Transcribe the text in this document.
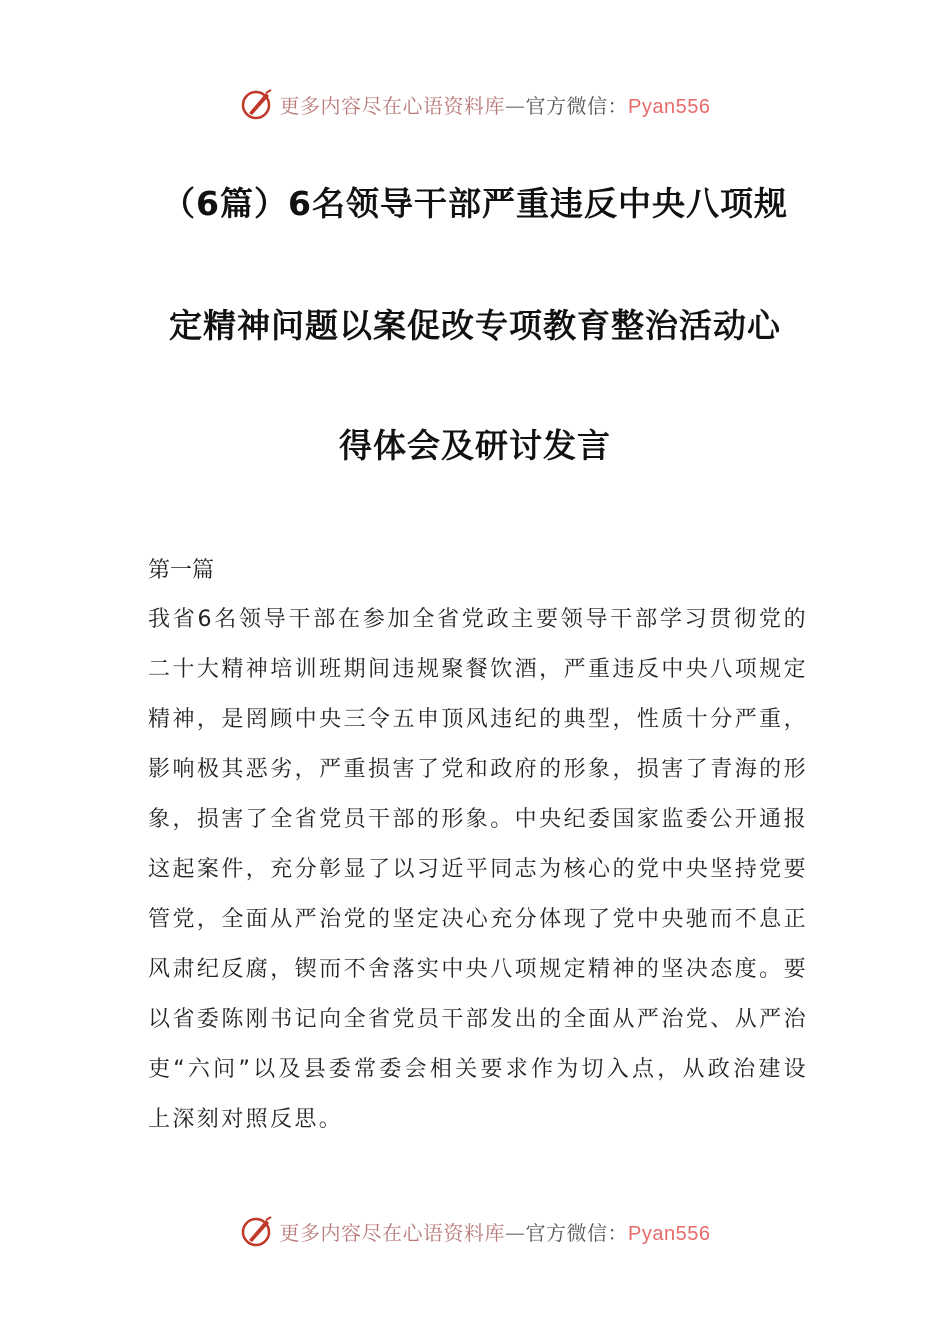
更多内容尽在心语资料库—官方微信：Pyan556
（6篇）6名领导干部严重违反中央八项规
定精神问题以案促改专项教育整治活动心
得体会及研讨发言

第一篇

我省6名领导干部在参加全省党政主要领导干部学习贯彻党的二十大精神培训班期间违规聚餐饮酒，严重违反中央八项规定精神，是罔顾中央三令五申顶风违纪的典型，性质十分严重，影响极其恶劣，严重损害了党和政府的形象，损害了青海的形象，损害了全省党员干部的形象。中央纪委国家监委公开通报这起案件，充分彰显了以习近平同志为核心的党中央坚持党要管党，全面从严治党的坚定决心充分体现了党中央驰而不息正风肃纪反腐，锲而不舍落实中央八项规定精神的坚决态度。要以省委陈刚书记向全省党员干部发出的全面从严治党、从严治吏“六问”以及县委常委会相关要求作为切入点，从政治建设上深刻对照反思。

更多内容尽在心语资料库—官方微信：Pyan556
